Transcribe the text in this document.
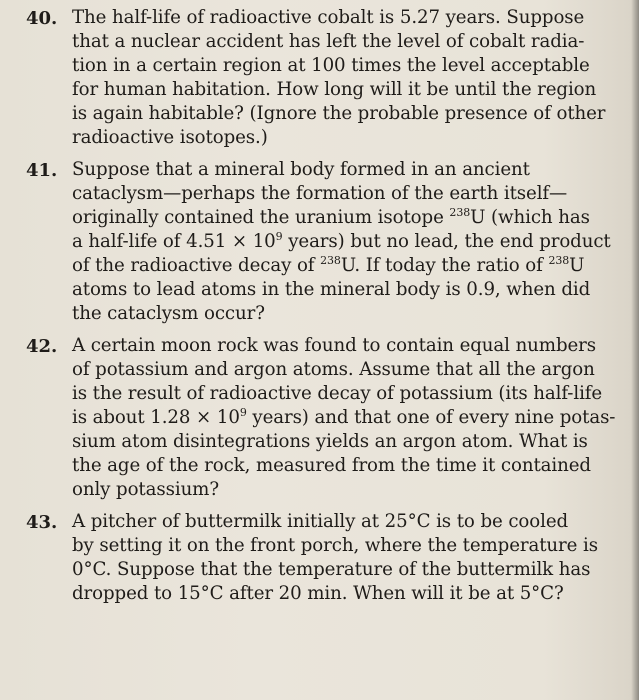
40. The half-life of radioactive cobalt is 5.27 years. Suppose
that a nuclear accident has left the level of cobalt radia-
tion in a certain region at 100 times the level acceptable
for human habitation. How long will it be until the region
is again habitable? (Ignore the probable presence of other
radioactive isotopes.)
41. Suppose that a mineral body formed in an ancient
cataclysm—perhaps the formation of the earth itself—
originally contained the uranium isotope $^{238}$U (which has
a half-life of $4.51 \times 10^9$ years) but no lead, the end product
of the radioactive decay of $^{238}$U. If today the ratio of $^{238}$U
atoms to lead atoms in the mineral body is 0.9, when did
the cataclysm occur?
42. A certain moon rock was found to contain equal numbers
of potassium and argon atoms. Assume that all the argon
is the result of radioactive decay of potassium (its half-life
is about $1.28 \times 10^9$ years) and that one of every nine potas-
sium atom disintegrations yields an argon atom. What is
the age of the rock, measured from the time it contained
only potassium?
43. A pitcher of buttermilk initially at 25°C is to be cooled
by setting it on the front porch, where the temperature is
0°C. Suppose that the temperature of the buttermilk has
dropped to 15°C after 20 min. When will it be at 5°C?
